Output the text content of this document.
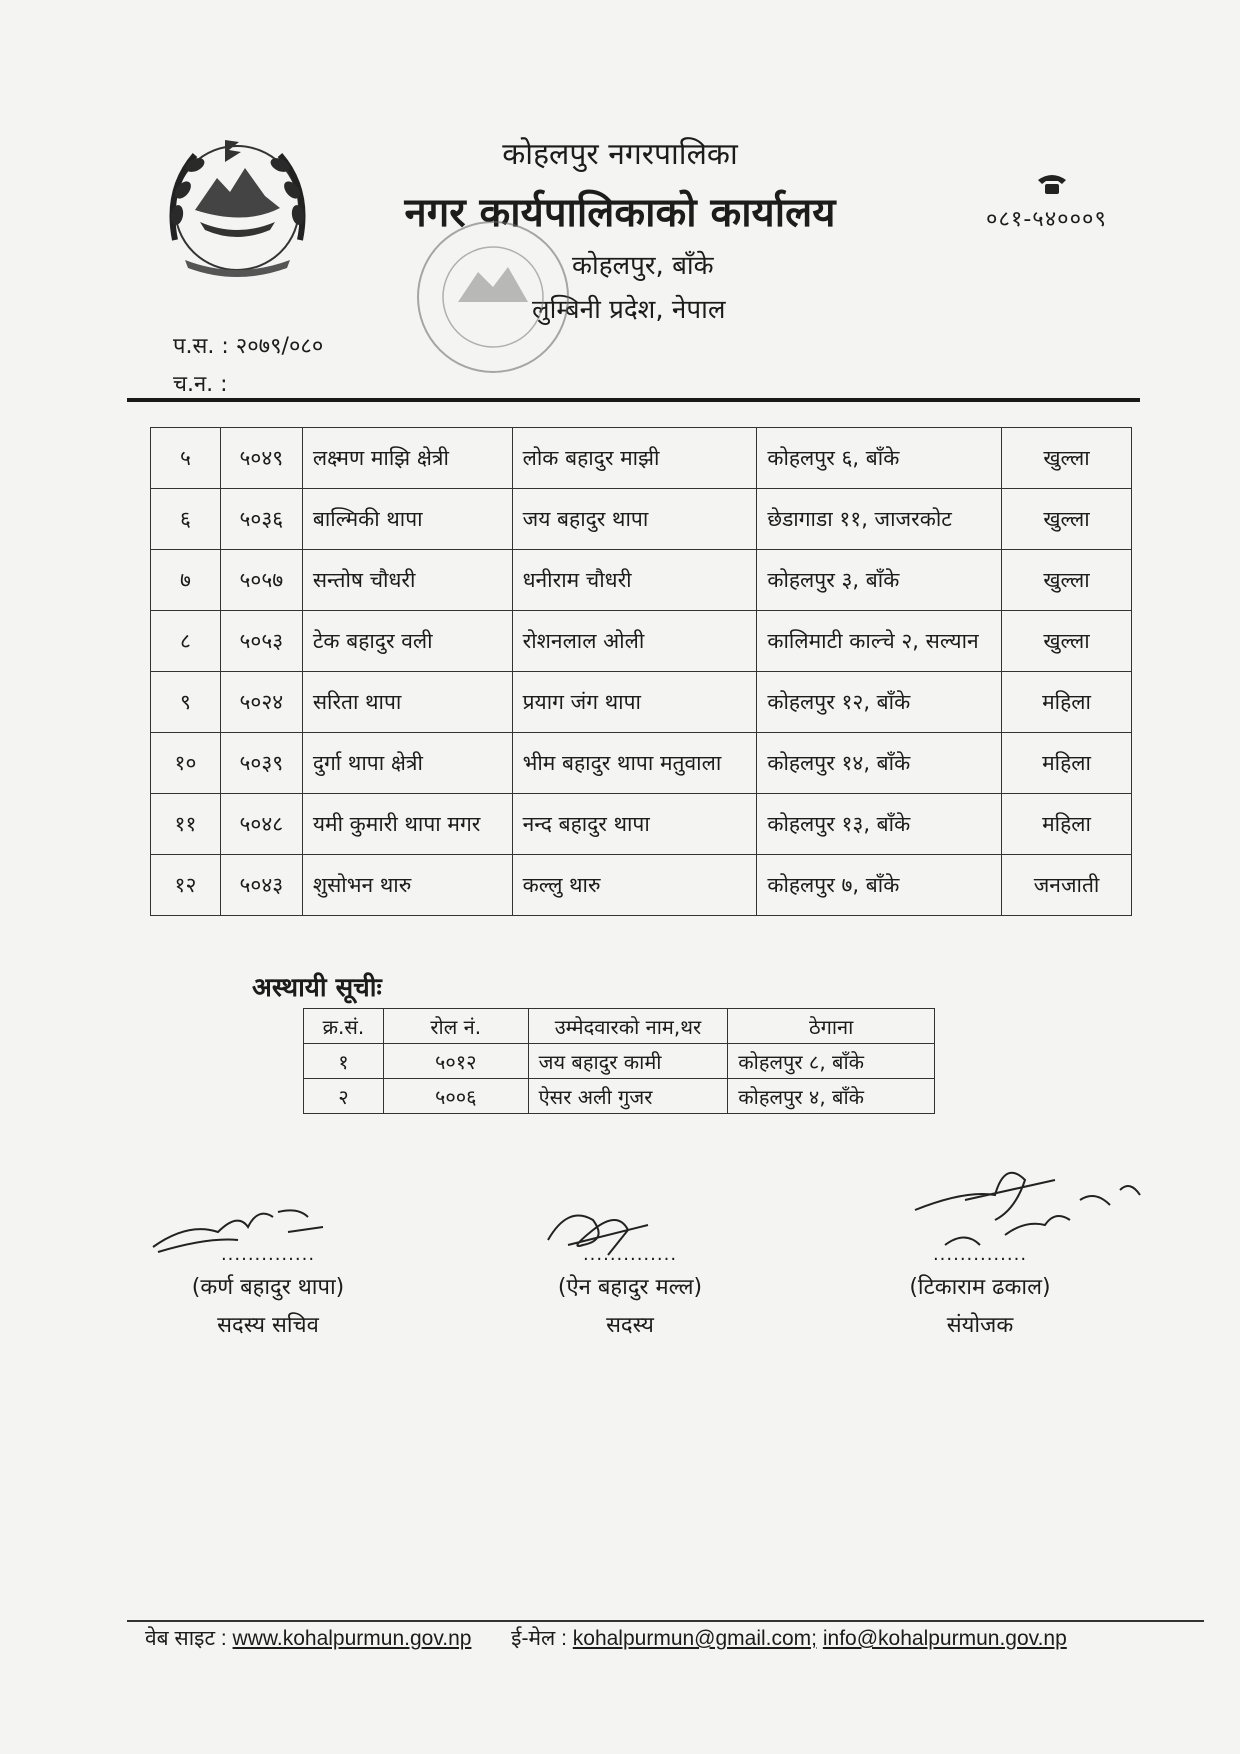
कोहलपुर नगरपालिका
नगर कार्यपालिकाको कार्यालय
कोहलपुर, बाँके
लुम्बिनी प्रदेश, नेपाल
०८१-५४०००९
प.स. : २०७९/०८०
च.न. :
५	५०४९	लक्ष्मण माझि क्षेत्री	लोक बहादुर माझी	कोहलपुर ६, बाँके	खुल्ला
६	५०३६	बाल्मिकी थापा	जय बहादुर थापा	छेडागाडा ११, जाजरकोट	खुल्ला
७	५०५७	सन्तोष चौधरी	धनीराम चौधरी	कोहलपुर ३, बाँके	खुल्ला
८	५०५३	टेक बहादुर वली	रोशनलाल ओली	कालिमाटी काल्चे २, सल्यान	खुल्ला
९	५०२४	सरिता थापा	प्रयाग जंग थापा	कोहलपुर १२, बाँके	महिला
१०	५०३९	दुर्गा थापा क्षेत्री	भीम बहादुर थापा मतुवाला	कोहलपुर १४, बाँके	महिला
११	५०४८	यमी कुमारी थापा मगर	नन्द बहादुर थापा	कोहलपुर १३, बाँके	महिला
१२	५०४३	शुसोभन थारु	कल्लु थारु	कोहलपुर ७, बाँके	जनजाती
अस्थायी सूचीः
क्र.सं.	रोल नं.	उम्मेदवारको नाम,थर	ठेगाना
१	५०१२	जय बहादुर कामी	कोहलपुर ८, बाँके
२	५००६	ऐसर अली गुजर	कोहलपुर ४, बाँके
..............
(कर्ण बहादुर थापा)
सदस्य सचिव
..............
(ऐन बहादुर मल्ल)
सदस्य
..............
(टिकाराम ढकाल)
संयोजक
वेब साइट : www.kohalpurmun.gov.np ई-मेल : kohalpurmun@gmail.com; info@kohalpurmun.gov.np
